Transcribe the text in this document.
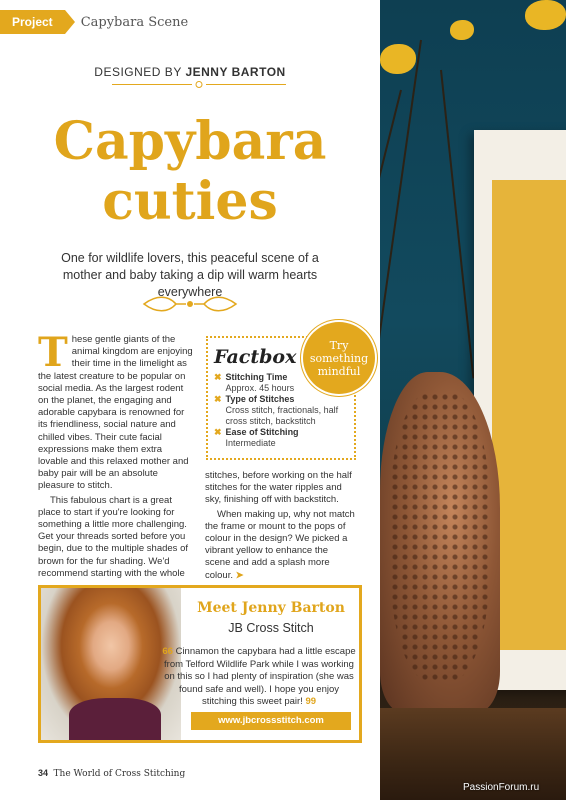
Project	Capybara Scene
DESIGNED BY JENNY BARTON
Capybara
cuties
One for wildlife lovers, this peaceful scene of a mother and baby taking a dip will warm hearts everywhere

These gentle giants of the animal kingdom are enjoying their time in the limelight as the latest creature to be popular on social media. As the largest rodent on the planet, the engaging and adorable capybara is renowned for its friendliness, social nature and chilled vibes. Their cute facial expressions make them extra lovable and this relaxed mother and baby pair will be an absolute pleasure to stitch.

This fabulous chart is a great place to start if you're looking for something a little more challenging. Get your threads sorted before you begin, due to the multiple shades of brown for the fur shading. We'd recommend starting with the whole

Factbox
✖ Stitching Time
Approx. 45 hours
✖ Type of Stitches
Cross stitch, fractionals, half cross stitch, backstitch
✖ Ease of Stitching
Intermediate
Try
something
mindful

stitches, before working on the half stitches for the water ripples and sky, finishing off with backstitch.

When making up, why not match the frame or mount to the pops of colour in the design? We picked a vibrant yellow to enhance the scene and add a splash more colour. ➤

Meet Jenny Barton
JB Cross Stitch
66 Cinnamon the capybara had a little escape from Telford Wildlife Park while I was working on this so I had plenty of inspiration (she was found safe and well). I hope you enjoy stitching this sweet pair! 99
www.jbcrossstitch.com
34 The World of Cross Stitching
PassionForum.ru
